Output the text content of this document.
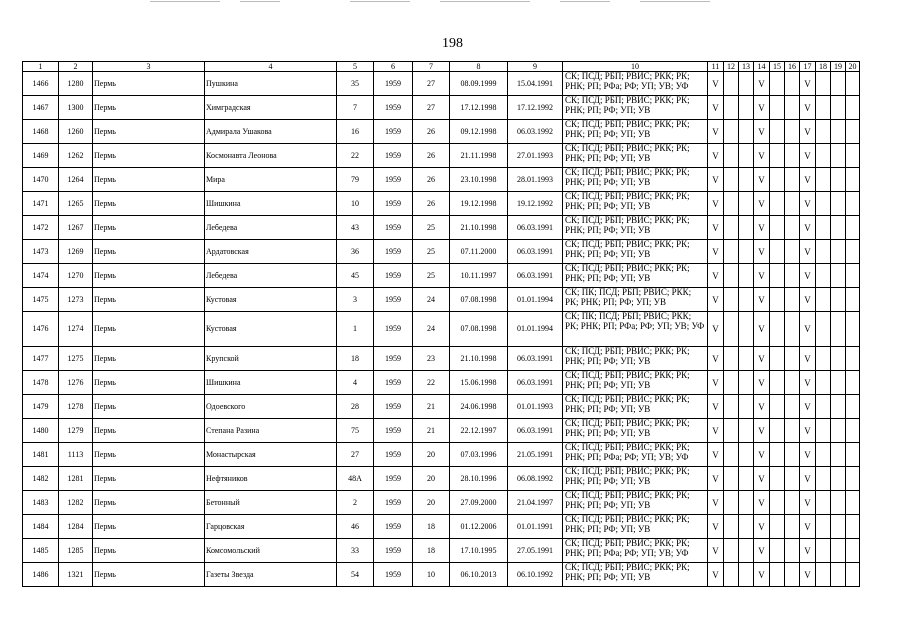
198
1	2	3	4	5	6	7	8	9	10	11	12	13	14	15	16	17	18	19	20
1466	1280	Пермь	Пушкина	35	1959	27	08.09.1999	15.04.1991	СК; ПСД; РБП; РВИС; РКК; РК; РНК; РП; РФа; РФ; УП; УВ; УФ	V			V			V			
1467	1300	Пермь	Химградская	7	1959	27	17.12.1998	17.12.1992	СК; ПСД; РБП; РВИС; РКК; РК; РНК; РП; РФ; УП; УВ	V			V			V			
1468	1260	Пермь	Адмирала Ушакова	16	1959	26	09.12.1998	06.03.1992	СК; ПСД; РБП; РВИС; РКК; РК; РНК; РП; РФ; УП; УВ	V			V			V			
1469	1262	Пермь	Космонавта Леонова	22	1959	26	21.11.1998	27.01.1993	СК; ПСД; РБП; РВИС; РКК; РК; РНК; РП; РФ; УП; УВ	V			V			V			
1470	1264	Пермь	Мира	79	1959	26	23.10.1998	28.01.1993	СК; ПСД; РБП; РВИС; РКК; РК; РНК; РП; РФ; УП; УВ	V			V			V			
1471	1265	Пермь	Шишкина	10	1959	26	19.12.1998	19.12.1992	СК; ПСД; РБП; РВИС; РКК; РК; РНК; РП; РФ; УП; УВ	V			V			V			
1472	1267	Пермь	Лебедева	43	1959	25	21.10.1998	06.03.1991	СК; ПСД; РБП; РВИС; РКК; РК; РНК; РП; РФ; УП; УВ	V			V			V			
1473	1269	Пермь	Ардатовская	36	1959	25	07.11.2000	06.03.1991	СК; ПСД; РБП; РВИС; РКК; РК; РНК; РП; РФ; УП; УВ	V			V			V			
1474	1270	Пермь	Лебедева	45	1959	25	10.11.1997	06.03.1991	СК; ПСД; РБП; РВИС; РКК; РК; РНК; РП; РФ; УП; УВ	V			V			V			
1475	1273	Пермь	Кустовая	3	1959	24	07.08.1998	01.01.1994	СК; ПК; ПСД; РБП; РВИС; РКК; РК; РНК; РП; РФ; УП; УВ	V			V			V			
1476	1274	Пермь	Кустовая	1	1959	24	07.08.1998	01.01.1994	СК; ПК; ПСД; РБП; РВИС; РКК; РК; РНК; РП; РФа; РФ; УП; УВ; УФ	V			V			V			
1477	1275	Пермь	Крупской	18	1959	23	21.10.1998	06.03.1991	СК; ПСД; РБП; РВИС; РКК; РК; РНК; РП; РФ; УП; УВ	V			V			V			
1478	1276	Пермь	Шишкина	4	1959	22	15.06.1998	06.03.1991	СК; ПСД; РБП; РВИС; РКК; РК; РНК; РП; РФ; УП; УВ	V			V			V			
1479	1278	Пермь	Одоевского	28	1959	21	24.06.1998	01.01.1993	СК; ПСД; РБП; РВИС; РКК; РК; РНК; РП; РФ; УП; УВ	V			V			V			
1480	1279	Пермь	Степана Разина	75	1959	21	22.12.1997	06.03.1991	СК; ПСД; РБП; РВИС; РКК; РК; РНК; РП; РФ; УП; УВ	V			V			V			
1481	1113	Пермь	Монастырская	27	1959	20	07.03.1996	21.05.1991	СК; ПСД; РБП; РВИС; РКК; РК; РНК; РП; РФа; РФ; УП; УВ; УФ	V			V			V			
1482	1281	Пермь	Нефтяников	48А	1959	20	28.10.1996	06.08.1992	СК; ПСД; РБП; РВИС; РКК; РК; РНК; РП; РФ; УП; УВ	V			V			V			
1483	1282	Пермь	Бетонный	2	1959	20	27.09.2000	21.04.1997	СК; ПСД; РБП; РВИС; РКК; РК; РНК; РП; РФ; УП; УВ	V			V			V			
1484	1284	Пермь	Гарцовская	46	1959	18	01.12.2006	01.01.1991	СК; ПСД; РБП; РВИС; РКК; РК; РНК; РП; РФ; УП; УВ	V			V			V			
1485	1285	Пермь	Комсомольский	33	1959	18	17.10.1995	27.05.1991	СК; ПСД; РБП; РВИС; РКК; РК; РНК; РП; РФа; РФ; УП; УВ; УФ	V			V			V			
1486	1321	Пермь	Газеты Звезда	54	1959	10	06.10.2013	06.10.1992	СК; ПСД; РБП; РВИС; РКК; РК; РНК; РП; РФ; УП; УВ	V			V			V			
